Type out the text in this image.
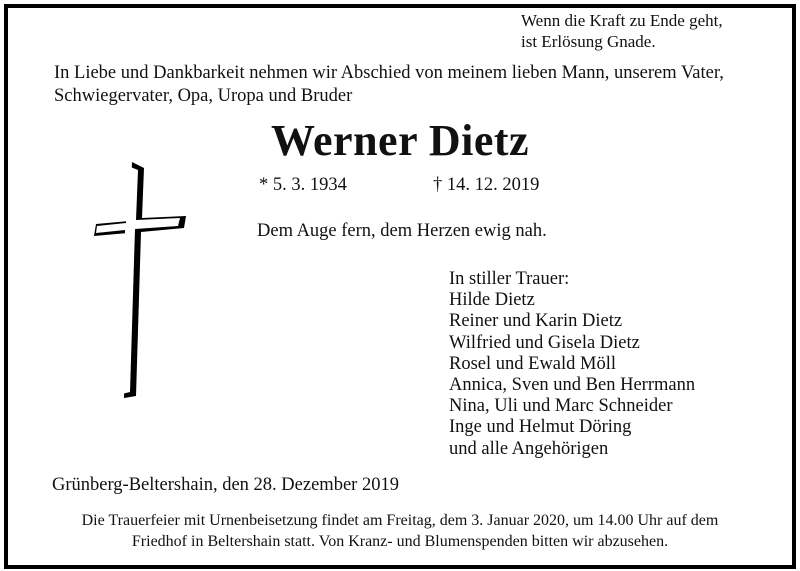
Wenn die Kraft zu Ende geht,
ist Erlösung Gnade.
In Liebe und Dankbarkeit nehmen wir Abschied von meinem lieben Mann, unserem Vater,
Schwiegervater, Opa, Uropa und Bruder
Werner Dietz
* 5. 3. 1934	† 14. 12. 2019
Dem Auge fern, dem Herzen ewig nah.
In stiller Trauer:
Hilde Dietz
Reiner und Karin Dietz
Wilfried und Gisela Dietz
Rosel und Ewald Möll
Annica, Sven und Ben Herrmann
Nina, Uli und Marc Schneider
Inge und Helmut Döring
und alle Angehörigen
Grünberg-Beltershain, den 28. Dezember 2019
Die Trauerfeier mit Urnenbeisetzung findet am Freitag, dem 3. Januar 2020, um 14.00 Uhr auf dem
Friedhof in Beltershain statt. Von Kranz- und Blumenspenden bitten wir abzusehen.
